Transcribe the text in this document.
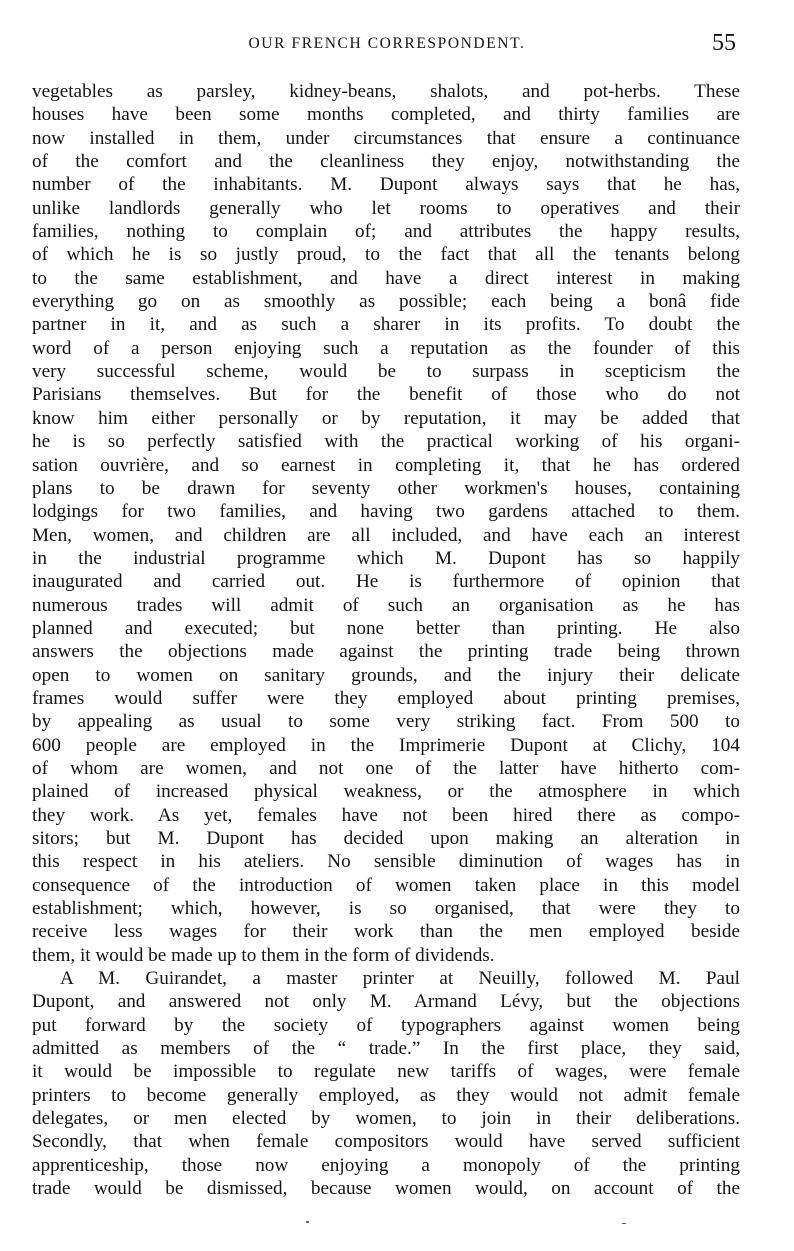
OUR FRENCH CORRESPONDENT.	55
vegetables as parsley, kidney-beans, shalots, and pot-herbs. These
houses have been some months completed, and thirty families are
now installed in them, under circumstances that ensure a continuance
of the comfort and the cleanliness they enjoy, notwithstanding the
number of the inhabitants. M. Dupont always says that he has,
unlike landlords generally who let rooms to operatives and their
families, nothing to complain of; and attributes the happy results,
of which he is so justly proud, to the fact that all the tenants belong
to the same establishment, and have a direct interest in making
everything go on as smoothly as possible; each being a bonâ fide
partner in it, and as such a sharer in its profits. To doubt the
word of a person enjoying such a reputation as the founder of this
very successful scheme, would be to surpass in scepticism the
Parisians themselves. But for the benefit of those who do not
know him either personally or by reputation, it may be added that
he is so perfectly satisfied with the practical working of his organi-
sation ouvrière, and so earnest in completing it, that he has ordered
plans to be drawn for seventy other workmen's houses, containing
lodgings for two families, and having two gardens attached to them.
Men, women, and children are all included, and have each an interest
in the industrial programme which M. Dupont has so happily
inaugurated and carried out. He is furthermore of opinion that
numerous trades will admit of such an organisation as he has
planned and executed; but none better than printing. He also
answers the objections made against the printing trade being thrown
open to women on sanitary grounds, and the injury their delicate
frames would suffer were they employed about printing premises,
by appealing as usual to some very striking fact. From 500 to
600 people are employed in the Imprimerie Dupont at Clichy, 104
of whom are women, and not one of the latter have hitherto com-
plained of increased physical weakness, or the atmosphere in which
they work. As yet, females have not been hired there as compo-
sitors; but M. Dupont has decided upon making an alteration in
this respect in his ateliers. No sensible diminution of wages has in
consequence of the introduction of women taken place in this model
establishment; which, however, is so organised, that were they to
receive less wages for their work than the men employed beside
them, it would be made up to them in the form of dividends.
A M. Guirandet, a master printer at Neuilly, followed M. Paul
Dupont, and answered not only M. Armand Lévy, but the objections
put forward by the society of typographers against women being
admitted as members of the “ trade.” In the first place, they said,
it would be impossible to regulate new tariffs of wages, were female
printers to become generally employed, as they would not admit female
delegates, or men elected by women, to join in their deliberations.
Secondly, that when female compositors would have served sufficient
apprenticeship, those now enjoying a monopoly of the printing
trade would be dismissed, because women would, on account of the
